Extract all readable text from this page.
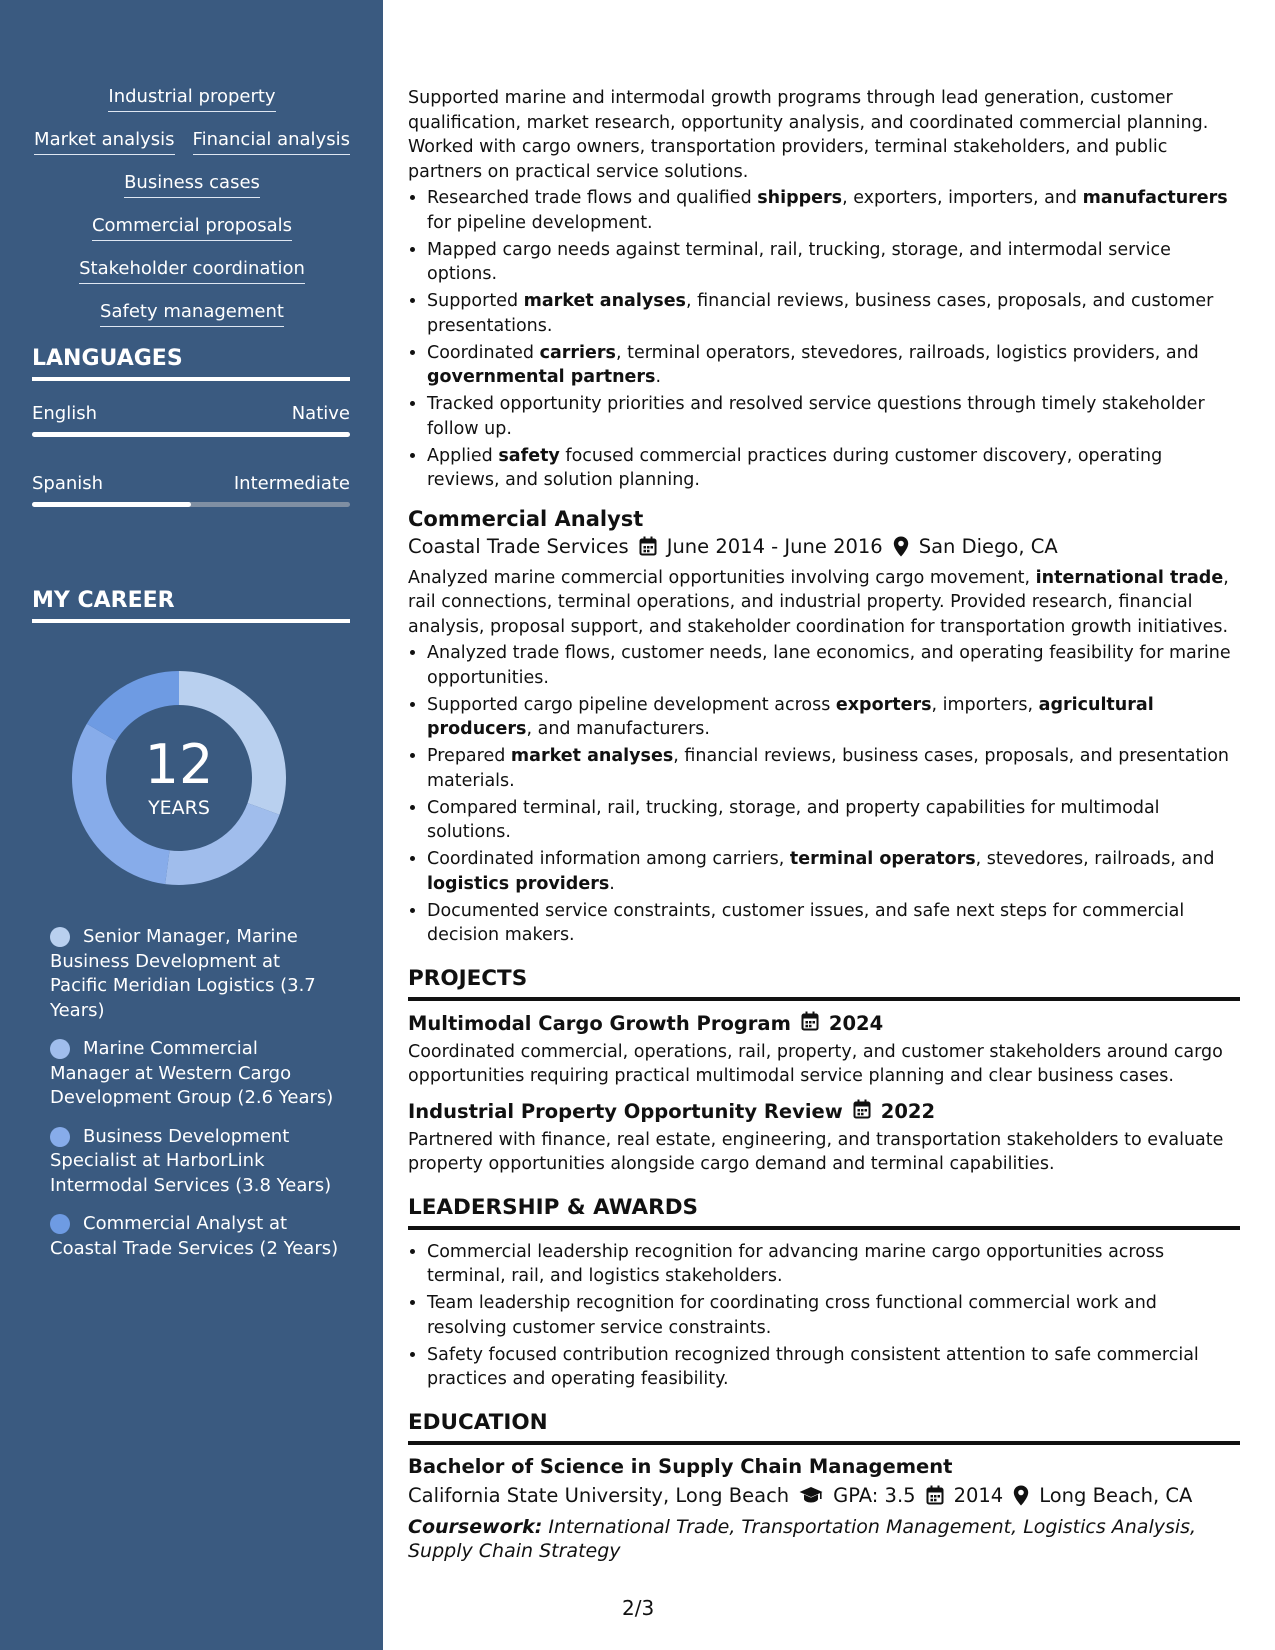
Industrial property
Market analysis Financial analysis
Business cases
Commercial proposals
Stakeholder coordination
Safety management
LANGUAGES
English	Native
Spanish	Intermediate
MY CAREER
12
YEARS
Senior Manager, Marine Business Development at Pacific Meridian Logistics (3.7 Years)
Marine Commercial Manager at Western Cargo Development Group (2.6 Years)
Business Development Specialist at HarborLink Intermodal Services (3.8 Years)
Commercial Analyst at Coastal Trade Services (2 Years)

Supported marine and intermodal growth programs through lead generation, customer qualification, market research, opportunity analysis, and coordinated commercial planning. Worked with cargo owners, transportation providers, terminal stakeholders, and public partners on practical service solutions.

• Researched trade flows and qualified shippers, exporters, importers, and manufacturers for pipeline development.
• Mapped cargo needs against terminal, rail, trucking, storage, and intermodal service options.
• Supported market analyses, financial reviews, business cases, proposals, and customer presentations.
• Coordinated carriers, terminal operators, stevedores, railroads, logistics providers, and governmental partners.
• Tracked opportunity priorities and resolved service questions through timely stakeholder follow up.
• Applied safety focused commercial practices during customer discovery, operating reviews, and solution planning.
Commercial Analyst
Coastal Trade Services June 2014 - June 2016 San Diego, CA

Analyzed marine commercial opportunities involving cargo movement, international trade, rail connections, terminal operations, and industrial property. Provided research, financial analysis, proposal support, and stakeholder coordination for transportation growth initiatives.

• Analyzed trade flows, customer needs, lane economics, and operating feasibility for marine opportunities.
• Supported cargo pipeline development across exporters, importers, agricultural producers, and manufacturers.
• Prepared market analyses, financial reviews, business cases, proposals, and presentation materials.
• Compared terminal, rail, trucking, storage, and property capabilities for multimodal solutions.
• Coordinated information among carriers, terminal operators, stevedores, railroads, and logistics providers.
• Documented service constraints, customer issues, and safe next steps for commercial decision makers.
PROJECTS
Multimodal Cargo Growth Program 2024

Coordinated commercial, operations, rail, property, and customer stakeholders around cargo opportunities requiring practical multimodal service planning and clear business cases.

Industrial Property Opportunity Review 2022

Partnered with finance, real estate, engineering, and transportation stakeholders to evaluate property opportunities alongside cargo demand and terminal capabilities.

LEADERSHIP & AWARDS
• Commercial leadership recognition for advancing marine cargo opportunities across terminal, rail, and logistics stakeholders.
• Team leadership recognition for coordinating cross functional commercial work and resolving customer service constraints.
• Safety focused contribution recognized through consistent attention to safe commercial practices and operating feasibility.
EDUCATION
Bachelor of Science in Supply Chain Management
California State University, Long Beach GPA: 3.5 2014 Long Beach, CA
Coursework: International Trade, Transportation Management, Logistics Analysis, Supply Chain Strategy
2/3
